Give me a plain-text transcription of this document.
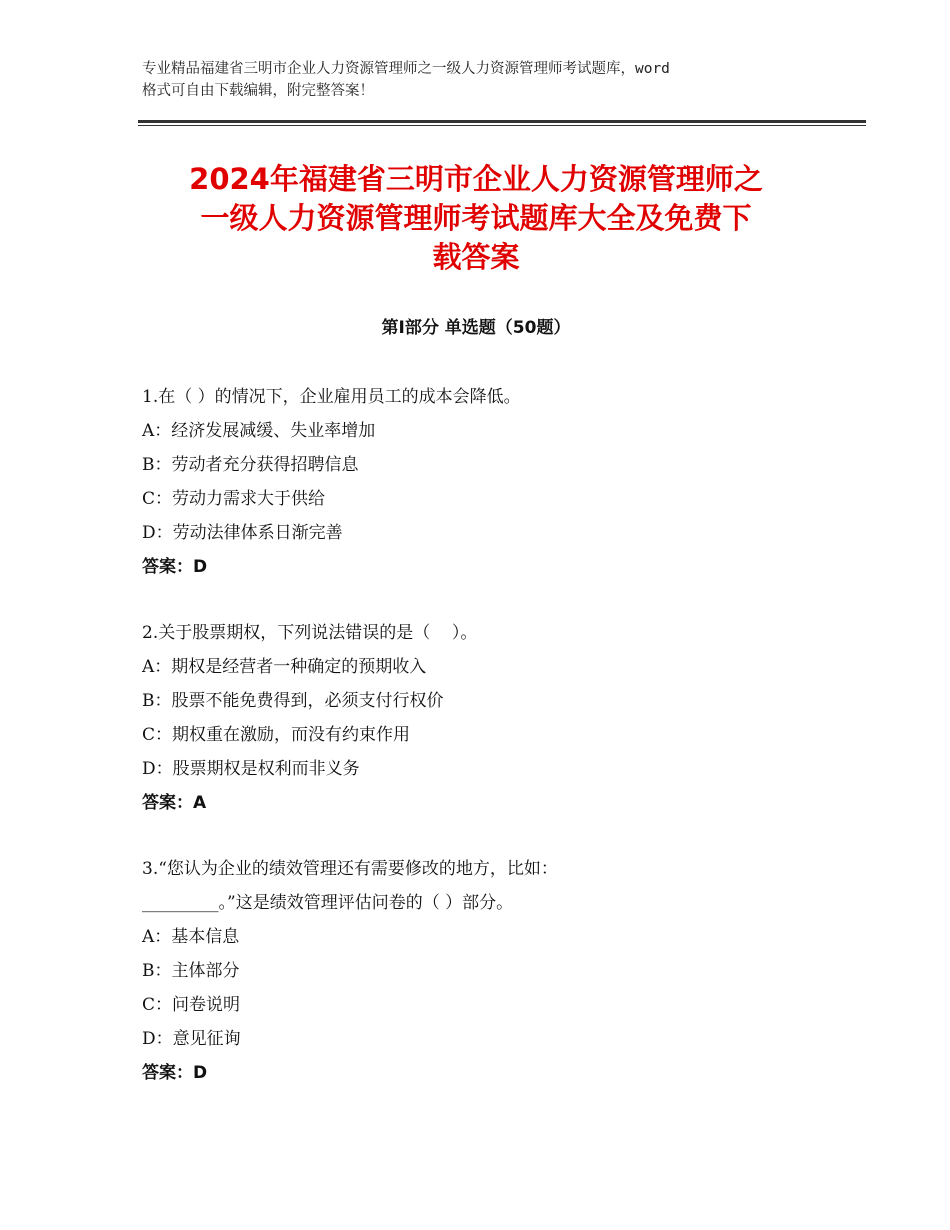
专业精品福建省三明市企业人力资源管理师之一级人力资源管理师考试题库，word
格式可自由下载编辑，附完整答案！
2024年福建省三明市企业人力资源管理师之
一级人力资源管理师考试题库大全及免费下
载答案
第Ⅰ部分 单选题（50题）

1.在（ ）的情况下，企业雇用员工的成本会降低。

A：经济发展减缓、失业率增加

B：劳动者充分获得招聘信息

C：劳动力需求大于供给

D：劳动法律体系日渐完善

答案：D

2.关于股票期权，下列说法错误的是（    ）。

A：期权是经营者一种确定的预期收入

B：股票不能免费得到，必须支付行权价

C：期权重在激励，而没有约束作用

D：股票期权是权利而非义务

答案：A

3.“您认为企业的绩效管理还有需要修改的地方，比如：

_________。”这是绩效管理评估问卷的（ ）部分。

A：基本信息

B：主体部分

C：问卷说明

D：意见征询

答案：D
